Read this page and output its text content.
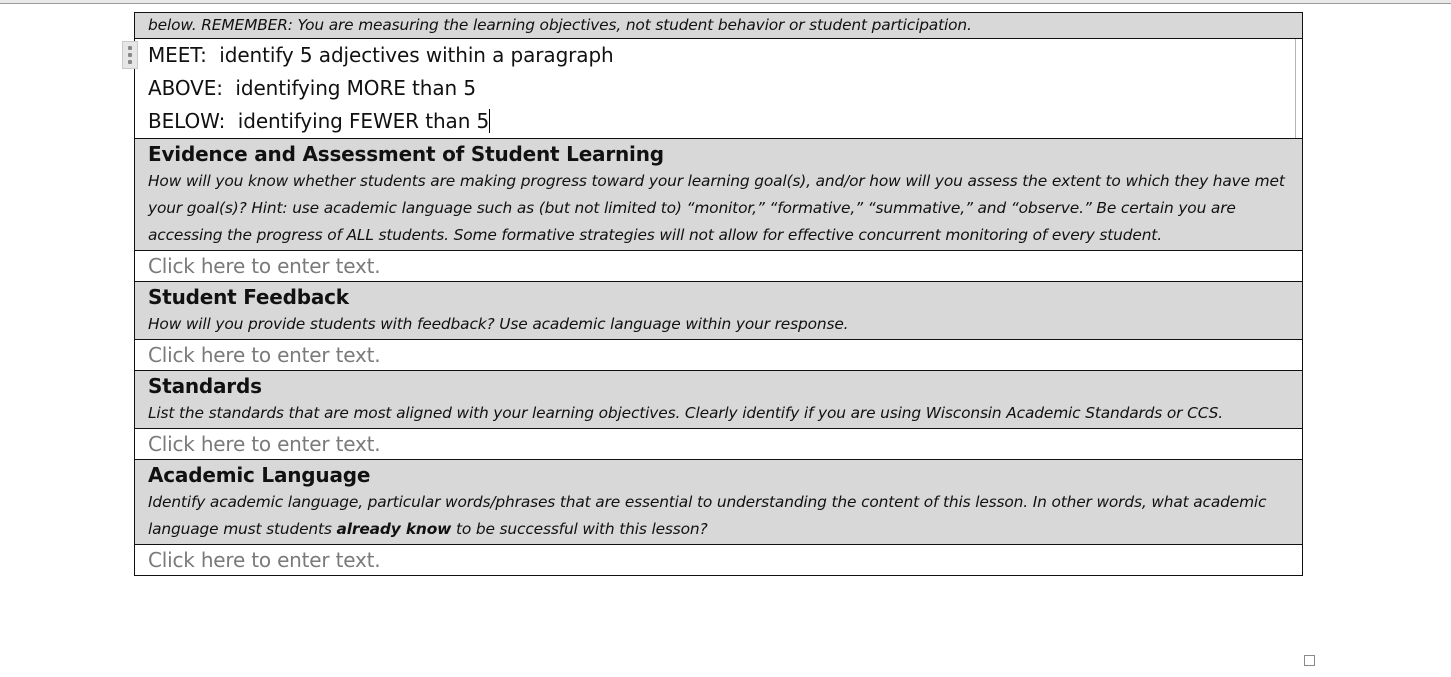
below. REMEMBER: You are measuring the learning objectives, not student behavior or student participation.

MEET:  identify 5 adjectives within a paragraph
ABOVE:  identifying MORE than 5
BELOW:  identifying FEWER than 5

Evidence and Assessment of Student Learning
How will you know whether students are making progress toward your learning goal(s), and/or how will you assess the extent to which they have met your goal(s)? Hint: use academic language such as (but not limited to) “monitor,” “formative,” “summative,” and “observe.” Be certain you are accessing the progress of ALL students. Some formative strategies will not allow for effective concurrent monitoring of every student.

Click here to enter text.

Student Feedback
How will you provide students with feedback? Use academic language within your response.

Click here to enter text.

Standards
List the standards that are most aligned with your learning objectives. Clearly identify if you are using Wisconsin Academic Standards or CCS.

Click here to enter text.

Academic Language
Identify academic language, particular words/phrases that are essential to understanding the content of this lesson. In other words, what academic language must students already know to be successful with this lesson?

Click here to enter text.
